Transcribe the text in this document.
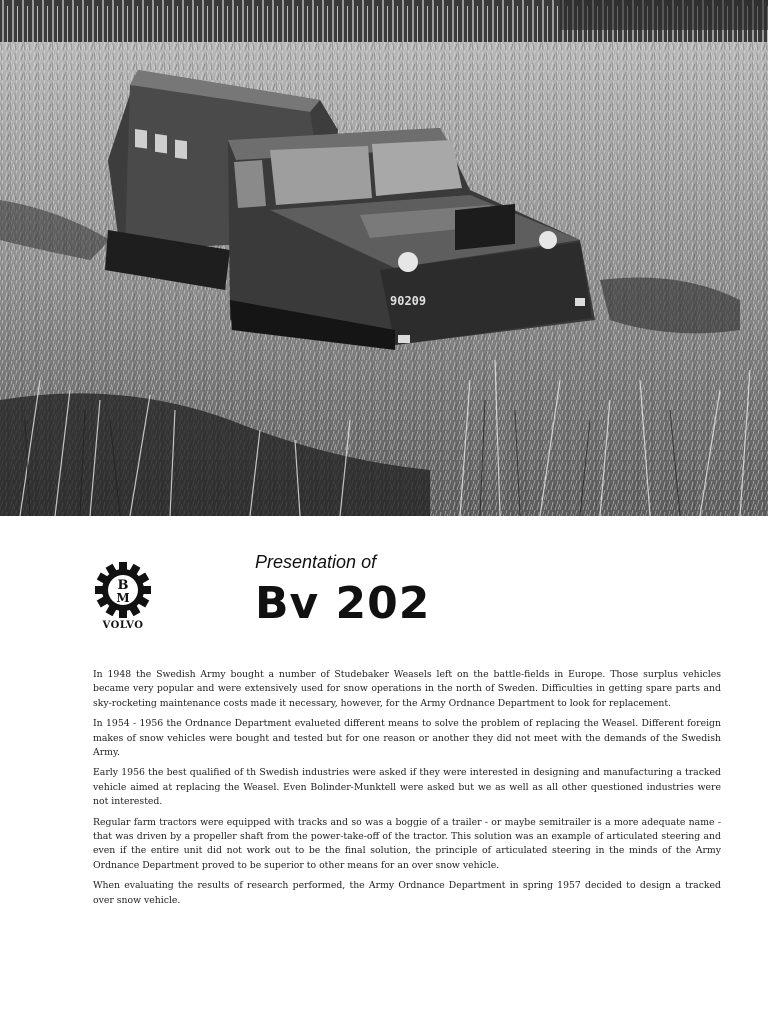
90209
B
M
VOLVO
Presentation of
Bv 202

In 1948 the Swedish Army bought a number of Studebaker Weasels left on the battle-fields in Europe. Those surplus vehicles became very popular and were extensively used for snow operations in the north of Sweden. Difficulties in getting spare parts and sky-rocketing maintenance costs made it necessary, however, for the Army Ordnance Department to look for replacement.

In 1954 - 1956 the Ordnance Department evalueted different means to solve the problem of replacing the Weasel. Different foreign makes of snow vehicles were bought and tested but for one reason or another they did not meet with the demands of the Swedish Army.

Early 1956 the best qualified of th Swedish industries were asked if they were interested in designing and manufacturing a tracked vehicle aimed at replacing the Weasel. Even Bolinder-Munktell were asked but we as well as all other questioned industries were not interested.

Regular farm tractors were equipped with tracks and so was a boggie of a trailer - or maybe semitrailer is a more adequate name - that was driven by a propeller shaft from the power-take-off of the tractor. This solution was an example of articulated steering and even if the entire unit did not work out to be the final solution, the principle of articulated steering in the minds of the Army Ordnance Department proved to be superior to other means for an over snow vehicle.

When evaluating the results of research performed, the Army Ordnance Department in spring 1957 decided to design a tracked over snow vehicle.
